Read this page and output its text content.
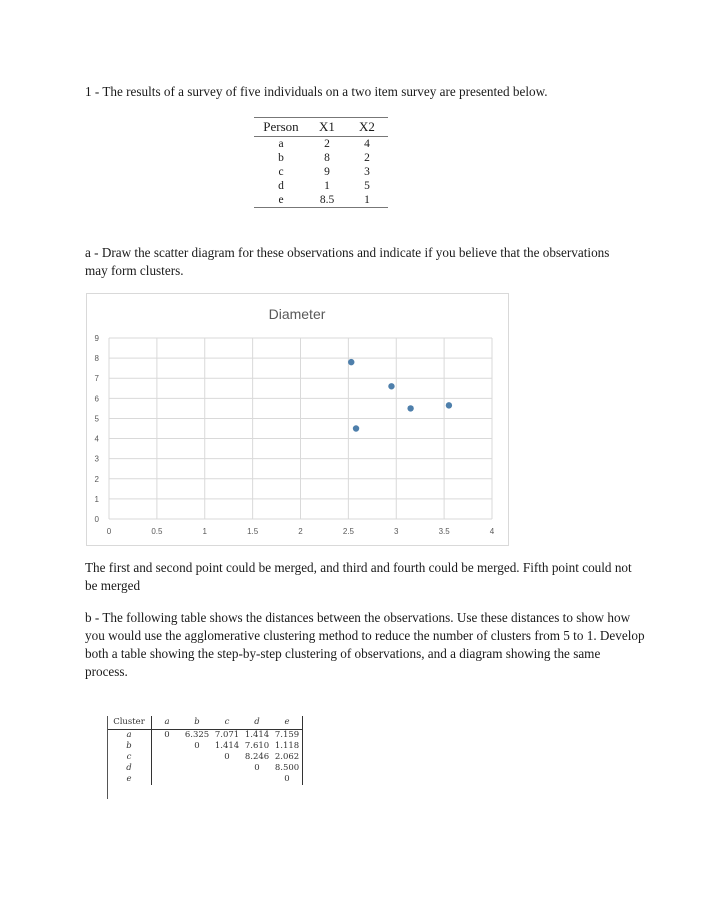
1 - The results of a survey of five individuals on a two item survey are presented below.

Person	X1	X2
a	2	4
b	8	2
c	9	3
d	1	5
e	8.5	1

a - Draw the scatter diagram for these observations and indicate if you believe that the observations may form clusters.

Diameter
0
1
2
3
4
5
6
7
8
9
0	0.5	1	1.5	2	2.5	3	3.5	4

The first and second point could be merged, and third and fourth could be merged. Fifth point could not be merged

b - The following table shows the distances between the observations. Use these distances to show how you would use the agglomerative clustering method to reduce the number of clusters from 5 to 1. Develop both a table showing the step-by-step clustering of observations, and a diagram showing the same process.

Cluster	a	b	c	d	e
a	0	6.325	7.071	1.414	7.159
b		0	1.414	7.610	1.118
c			0	8.246	2.062
d				0	8.500
e					0
